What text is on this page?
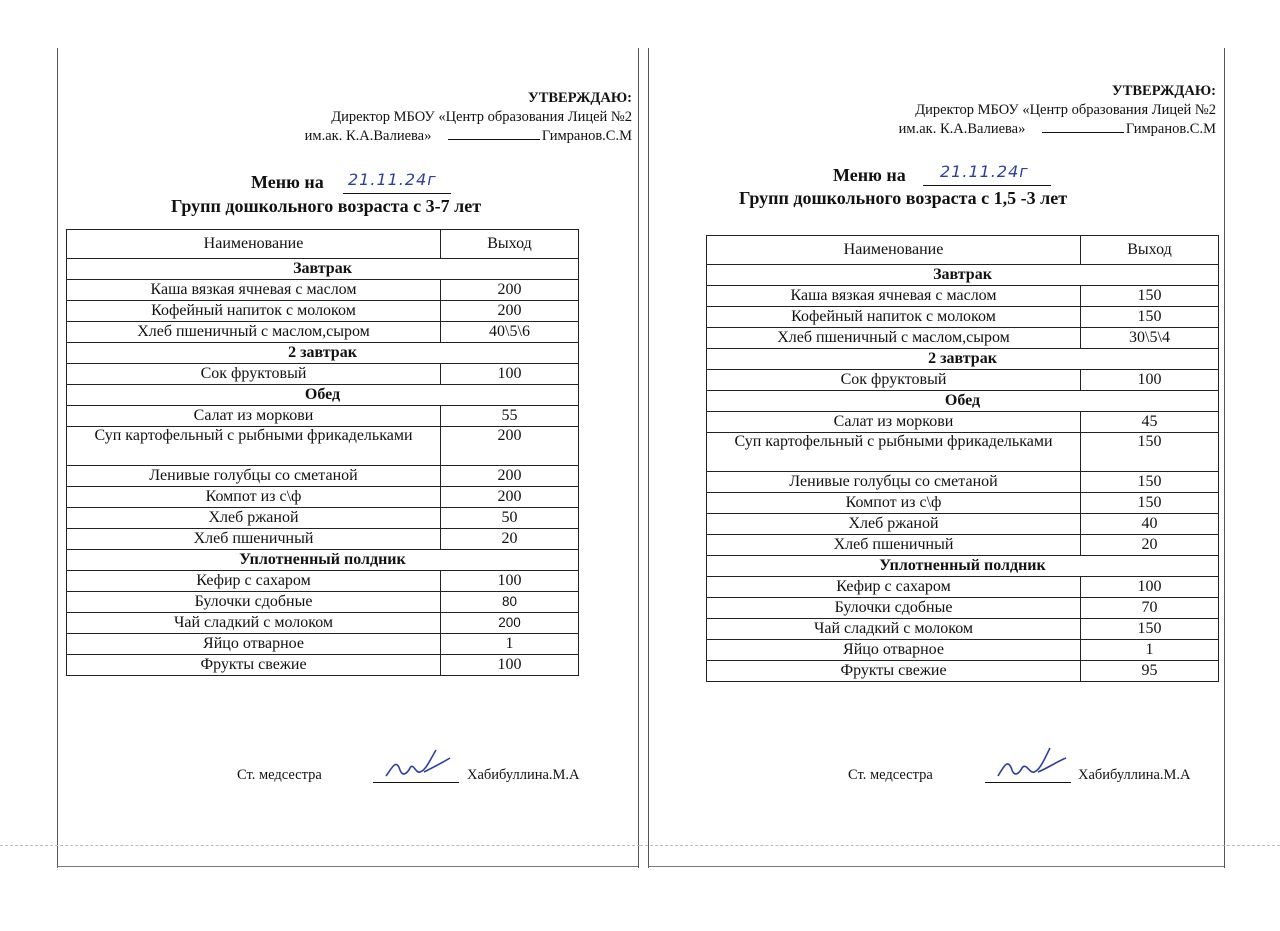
УТВЕРЖДАЮ:
Директор МБОУ «Центр образования Лицей №2
им.ак. К.А.Валиева»	Гимранов.С.М
Меню на 21.11.24г
Групп дошкольного возраста с 3-7 лет
Наименование	Выход
Завтрак	
Каша вязкая ячневая с маслом	200
Кофейный напиток с молоком	200
Хлеб пшеничный с маслом,сыром	40\5\6
2 завтрак	
Сок фруктовый	100
Обед	
Салат из моркови	55
Суп картофельный с рыбными фрикадельками	200
Ленивые голубцы со сметаной	200
Компот из с\ф	200
Хлеб ржаной	50
Хлеб пшеничный	20
Уплотненный полдник	
Кефир с сахаром	100
Булочки сдобные	80
Чай сладкий с молоком	200
Яйцо отварное	1
Фрукты свежие	100
Ст. медсестра	Хабибуллина.М.А
УТВЕРЖДАЮ:
Директор МБОУ «Центр образования Лицей №2
им.ак. К.А.Валиева»	Гимранов.С.М
Меню на 21.11.24г
Групп дошкольного возраста с 1,5 -3 лет
Наименование	Выход
Завтрак	
Каша вязкая ячневая с маслом	150
Кофейный напиток с молоком	150
Хлеб пшеничный с маслом,сыром	30\5\4
2 завтрак	
Сок фруктовый	100
Обед	
Салат из моркови	45
Суп картофельный с рыбными фрикадельками	150
Ленивые голубцы со сметаной	150
Компот из с\ф	150
Хлеб ржаной	40
Хлеб пшеничный	20
Уплотненный полдник	
Кефир с сахаром	100
Булочки сдобные	70
Чай сладкий с молоком	150
Яйцо отварное	1
Фрукты свежие	95
Ст. медсестра	Хабибуллина.М.А
